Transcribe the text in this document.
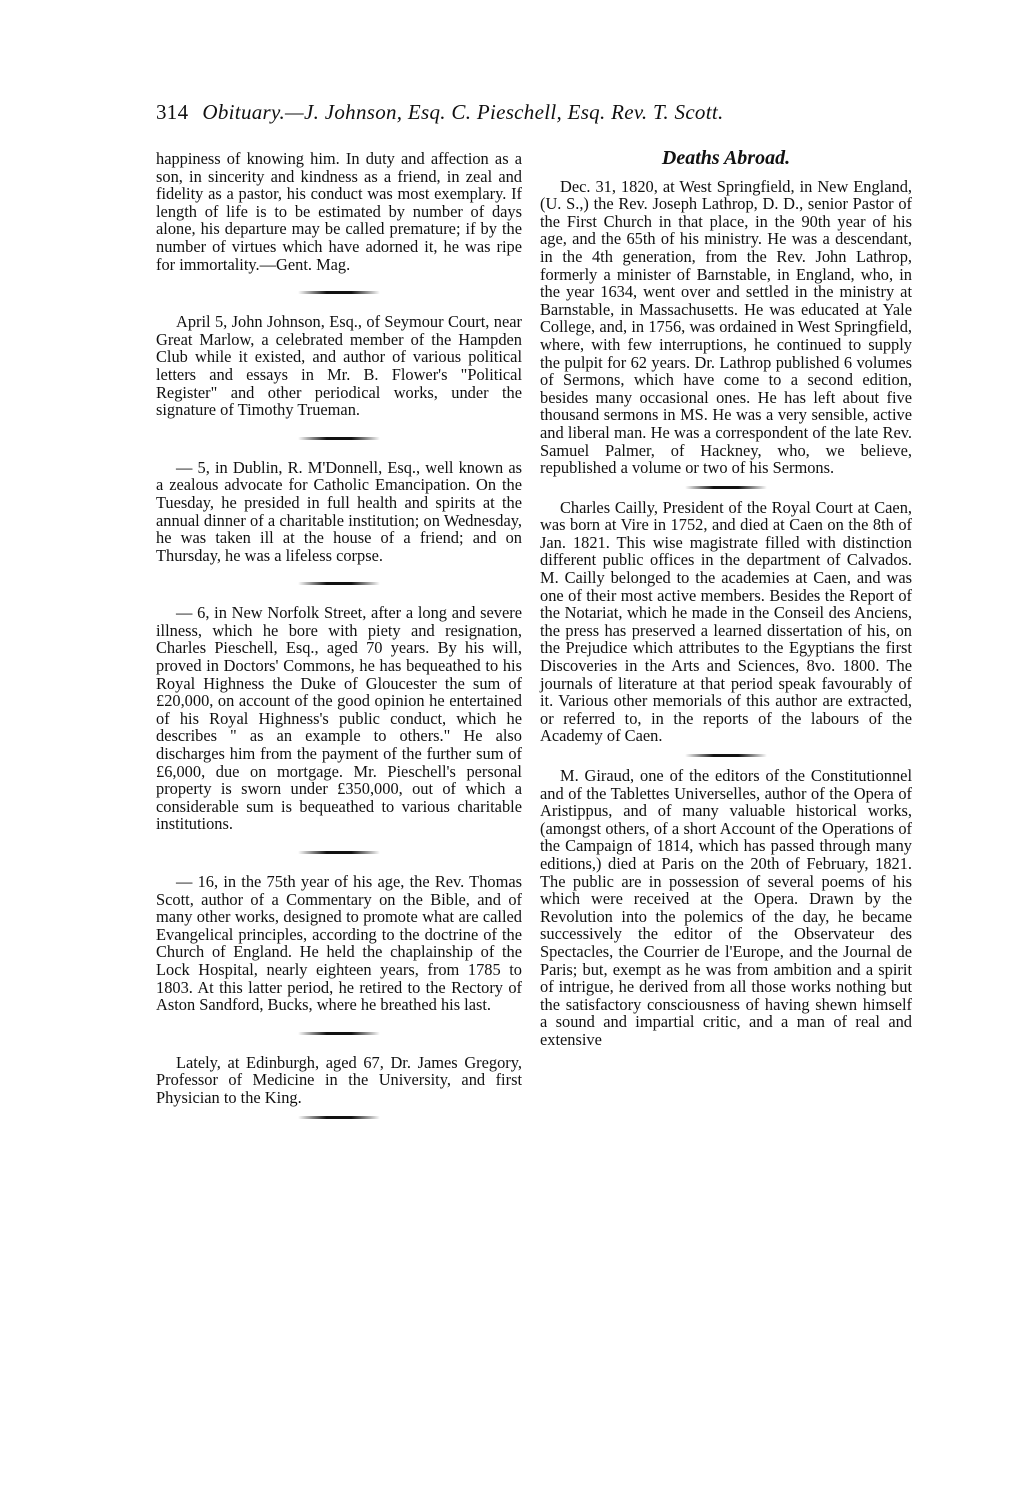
314 Obituary.—J. Johnson, Esq. C. Pieschell, Esq. Rev. T. Scott.

happiness of knowing him. In duty and affection as a son, in sincerity and kindness as a friend, in zeal and fidelity as a pastor, his conduct was most exemplary. If length of life is to be estimated by number of days alone, his departure may be called premature; if by the number of virtues which have adorned it, he was ripe for immortality.—Gent. Mag.

April 5, John Johnson, Esq., of Seymour Court, near Great Marlow, a celebrated member of the Hampden Club while it existed, and author of various political letters and essays in Mr. B. Flower's "Political Register" and other periodical works, under the signature of Timothy Trueman.

— 5, in Dublin, R. M'Donnell, Esq., well known as a zealous advocate for Catholic Emancipation. On the Tuesday, he presided in full health and spirits at the annual dinner of a charitable institution; on Wednesday, he was taken ill at the house of a friend; and on Thursday, he was a lifeless corpse.

— 6, in New Norfolk Street, after a long and severe illness, which he bore with piety and resignation, Charles Pieschell, Esq., aged 70 years. By his will, proved in Doctors' Commons, he has bequeathed to his Royal Highness the Duke of Gloucester the sum of £20,000, on account of the good opinion he entertained of his Royal Highness's public conduct, which he describes " as an example to others." He also discharges him from the payment of the further sum of £6,000, due on mortgage. Mr. Pieschell's personal property is sworn under £350,000, out of which a considerable sum is bequeathed to various charitable institutions.

— 16, in the 75th year of his age, the Rev. Thomas Scott, author of a Commentary on the Bible, and of many other works, designed to promote what are called Evangelical principles, according to the doctrine of the Church of England. He held the chaplainship of the Lock Hospital, nearly eighteen years, from 1785 to 1803. At this latter period, he retired to the Rectory of Aston Sandford, Bucks, where he breathed his last.

Lately, at Edinburgh, aged 67, Dr. James Gregory, Professor of Medicine in the University, and first Physician to the King.

Deaths Abroad.

Dec. 31, 1820, at West Springfield, in New England, (U. S.,) the Rev. Joseph Lathrop, D. D., senior Pastor of the First Church in that place, in the 90th year of his age, and the 65th of his ministry. He was a descendant, in the 4th generation, from the Rev. John Lathrop, formerly a minister of Barnstable, in England, who, in the year 1634, went over and settled in the ministry at Barnstable, in Massachusetts. He was educated at Yale College, and, in 1756, was ordained in West Springfield, where, with few interruptions, he continued to supply the pulpit for 62 years. Dr. Lathrop published 6 volumes of Sermons, which have come to a second edition, besides many occasional ones. He has left about five thousand sermons in MS. He was a very sensible, active and liberal man. He was a correspondent of the late Rev. Samuel Palmer, of Hackney, who, we believe, republished a volume or two of his Sermons.

Charles Cailly, President of the Royal Court at Caen, was born at Vire in 1752, and died at Caen on the 8th of Jan. 1821. This wise magistrate filled with distinction different public offices in the department of Calvados. M. Cailly belonged to the academies at Caen, and was one of their most active members. Besides the Report of the Notariat, which he made in the Conseil des Anciens, the press has preserved a learned dissertation of his, on the Prejudice which attributes to the Egyptians the first Discoveries in the Arts and Sciences, 8vo. 1800. The journals of literature at that period speak favourably of it. Various other memorials of this author are extracted, or referred to, in the reports of the labours of the Academy of Caen.

M. Giraud, one of the editors of the Constitutionnel and of the Tablettes Universelles, author of the Opera of Aristippus, and of many valuable historical works, (amongst others, of a short Account of the Operations of the Campaign of 1814, which has passed through many editions,) died at Paris on the 20th of February, 1821. The public are in possession of several poems of his which were received at the Opera. Drawn by the Revolution into the polemics of the day, he became successively the editor of the Observateur des Spectacles, the Courrier de l'Europe, and the Journal de Paris; but, exempt as he was from ambition and a spirit of intrigue, he derived from all those works nothing but the satisfactory consciousness of having shewn himself a sound and impartial critic, and a man of real and extensive
